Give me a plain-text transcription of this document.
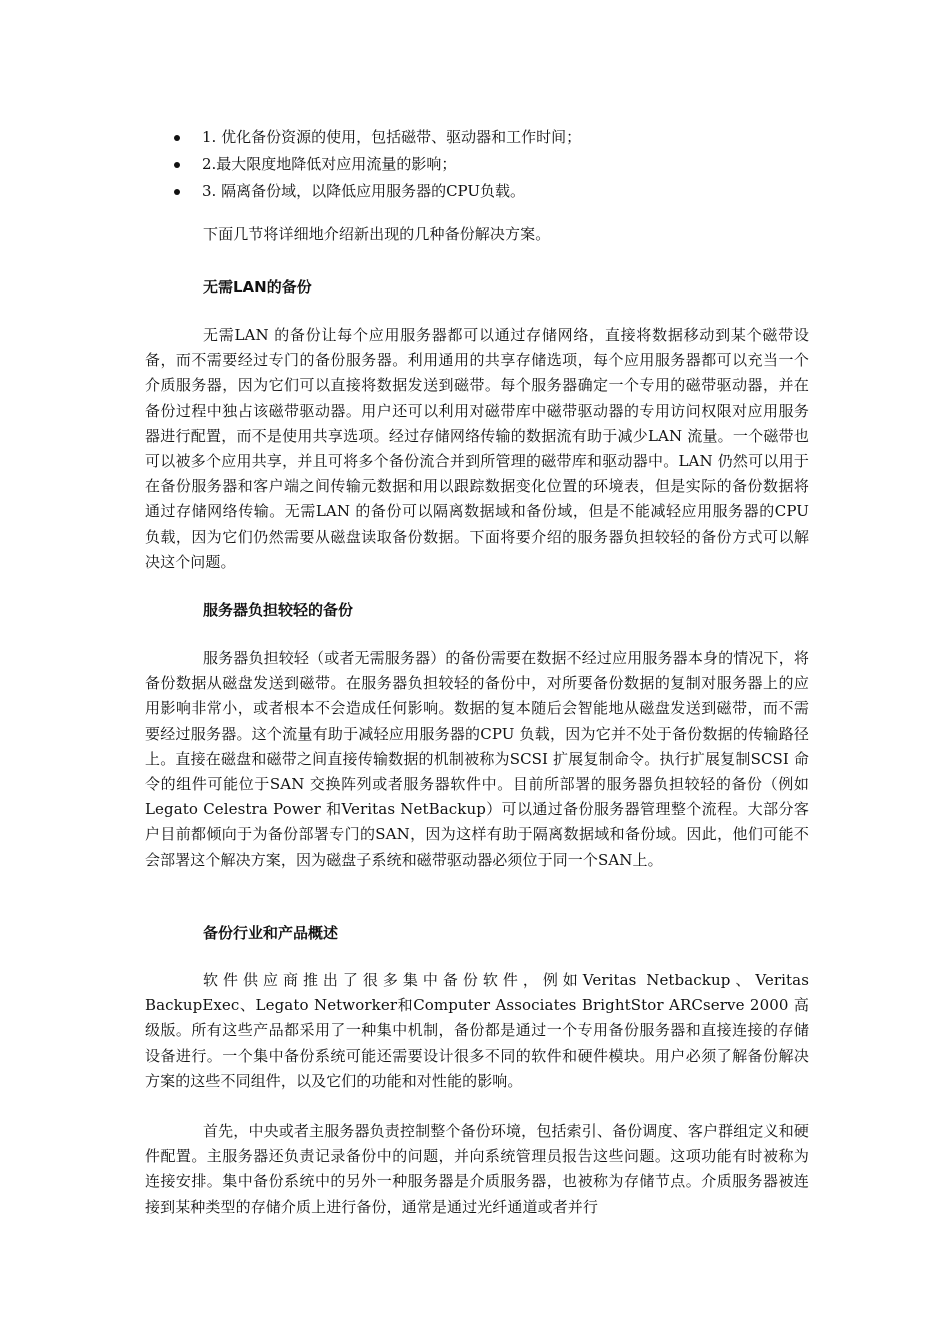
1. 优化备份资源的使用，包括磁带、驱动器和工作时间；
2.最大限度地降低对应用流量的影响；
3. 隔离备份域，以降低应用服务器的CPU负载。

下面几节将详细地介绍新出现的几种备份解决方案。

无需LAN的备份

无需LAN 的备份让每个应用服务器都可以通过存储网络，直接将数据移动到某个磁带设备，而不需要经过专门的备份服务器。利用通用的共享存储选项，每个应用服务器都可以充当一个介质服务器，因为它们可以直接将数据发送到磁带。每个服务器确定一个专用的磁带驱动器，并在备份过程中独占该磁带驱动器。用户还可以利用对磁带库中磁带驱动器的专用访问权限对应用服务器进行配置，而不是使用共享选项。经过存储网络传输的数据流有助于减少LAN 流量。一个磁带也可以被多个应用共享，并且可将多个备份流合并到所管理的磁带库和驱动器中。LAN 仍然可以用于在备份服务器和客户端之间传输元数据和用以跟踪数据变化位置的环境表，但是实际的备份数据将通过存储网络传输。无需LAN 的备份可以隔离数据域和备份域，但是不能减轻应用服务器的CPU 负载，因为它们仍然需要从磁盘读取备份数据。下面将要介绍的服务器负担较轻的备份方式可以解决这个问题。

服务器负担较轻的备份

服务器负担较轻（或者无需服务器）的备份需要在数据不经过应用服务器本身的情况下，将备份数据从磁盘发送到磁带。在服务器负担较轻的备份中，对所要备份数据的复制对服务器上的应用影响非常小，或者根本不会造成任何影响。数据的复本随后会智能地从磁盘发送到磁带，而不需要经过服务器。这个流量有助于减轻应用服务器的CPU 负载，因为它并不处于备份数据的传输路径上。直接在磁盘和磁带之间直接传输数据的机制被称为SCSI 扩展复制命令。执行扩展复制SCSI 命令的组件可能位于SAN 交换阵列或者服务器软件中。目前所部署的服务器负担较轻的备份（例如Legato Celestra Power 和Veritas NetBackup）可以通过备份服务器管理整个流程。大部分客户目前都倾向于为备份部署专门的SAN，因为这样有助于隔离数据域和备份域。因此，他们可能不会部署这个解决方案，因为磁盘子系统和磁带驱动器必须位于同一个SAN上。

备份行业和产品概述

软件供应商推出了很多集中备份软件，例如Veritas Netbackup、Veritas BackupExec、Legato Networker和Computer Associates BrightStor ARCserve 2000 高级版。所有这些产品都采用了一种集中机制，备份都是通过一个专用备份服务器和直接连接的存储设备进行。一个集中备份系统可能还需要设计很多不同的软件和硬件模块。用户必须了解备份解决方案的这些不同组件，以及它们的功能和对性能的影响。

首先，中央或者主服务器负责控制整个备份环境，包括索引、备份调度、客户群组定义和硬件配置。主服务器还负责记录备份中的问题，并向系统管理员报告这些问题。这项功能有时被称为连接安排。集中备份系统中的另外一种服务器是介质服务器，也被称为存储节点。介质服务器被连接到某种类型的存储介质上进行备份，通常是通过光纤通道或者并行
